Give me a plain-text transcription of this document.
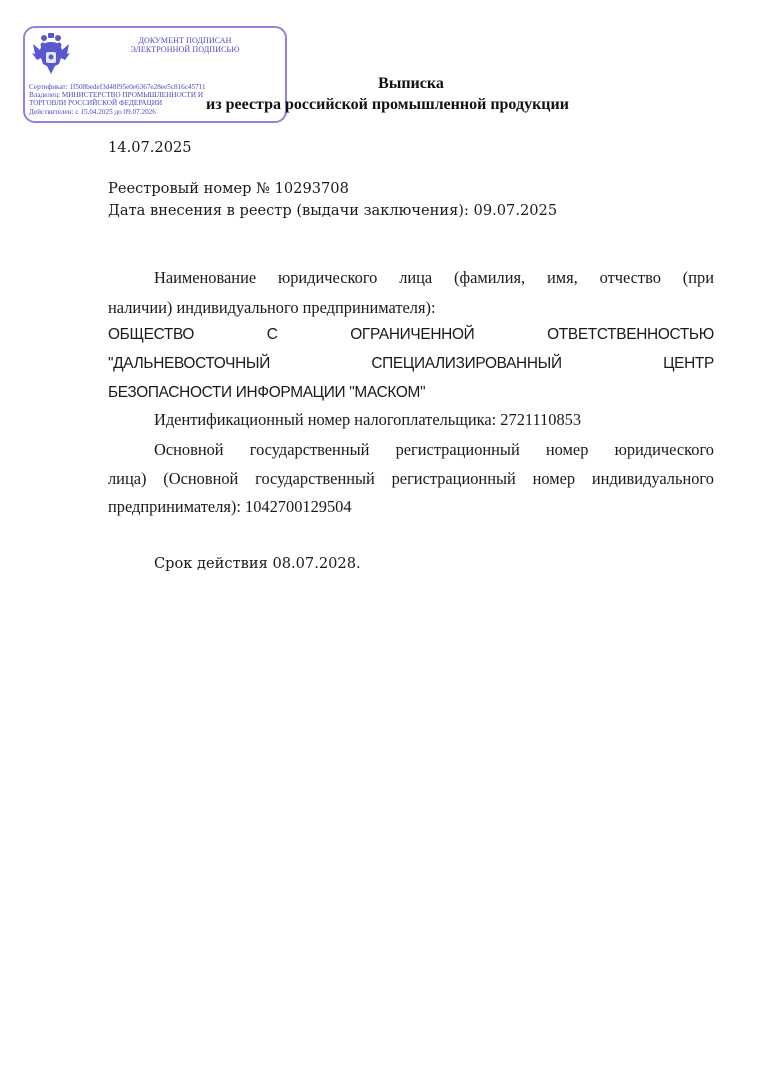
ДОКУМЕНТ ПОДПИСАН
ЭЛЕКТРОННОЙ ПОДПИСЬЮ
Сертификат: 1f508bedef3d48f95e0e6367e28ee5c816c45711
Владелец: МИНИСТЕРСТВО ПРОМЫШЛЕННОСТИ И
ТОРГОВЛИ РОССИЙСКОЙ ФЕДЕРАЦИИ
Действителен: с 15.04.2025 до 09.07.2026
Выписка
из реестра российской промышленной продукции
14.07.2025
Реестровый номер № 10293708
Дата внесения в реестр (выдачи заключения): 09.07.2025
Наименование юридического лица (фамилия, имя, отчество (при
наличии) индивидуального предпринимателя):
ОБЩЕСТВО	С	ОГРАНИЧЕННОЙ	ОТВЕТСТВЕННОСТЬЮ
"ДАЛЬНЕВОСТОЧНЫЙ	СПЕЦИАЛИЗИРОВАННЫЙ	ЦЕНТР
БЕЗОПАСНОСТИ ИНФОРМАЦИИ "МАСКОМ"
Идентификационный номер налогоплательщика: 2721110853
Основной государственный регистрационный номер юридического
лица) (Основной государственный регистрационный номер индивидуального
предпринимателя): 1042700129504
Срок действия 08.07.2028.
